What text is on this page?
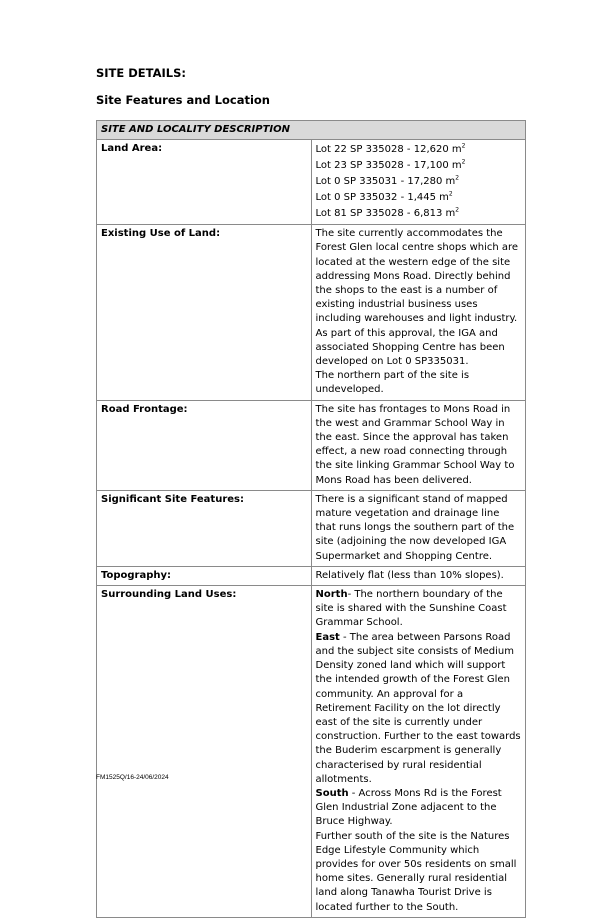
SITE DETAILS:
Site Features and Location
SITE AND LOCALITY DESCRIPTION	
Land Area:	Lot 22 SP 335028 - 12,620 $m^2$
Lot 23 SP 335028 - 17,100 $m^2$
Lot 0 SP 335031 - 17,280 $m^2$
Lot 0 SP 335032 - 1,445 $m^2$
Lot 81 SP 335028 - 6,813 $m^2$

Existing Use of Land:	The site currently accommodates the Forest Glen local centre shops which are located at the western edge of the site addressing Mons Road. Directly behind the shops to the east is a number of existing industrial business uses including warehouses and light industry.
As part of this approval, the IGA and associated Shopping Centre has been developed on Lot 0 SP335031.
The northern part of the site is undeveloped.

Road Frontage:	The site has frontages to Mons Road in the west and Grammar School Way in the east. Since the approval has taken effect, a new road connecting through the site linking Grammar School Way to Mons Road has been delivered.
Significant Site Features:	There is a significant stand of mapped mature vegetation and drainage line that runs longs the southern part of the site (adjoining the now developed IGA Supermarket and Shopping Centre.
Topography:	Relatively flat (less than 10% slopes).
Surrounding Land Uses:	North- The northern boundary of the site is shared with the Sunshine Coast Grammar School.
East - The area between Parsons Road and the subject site consists of Medium Density zoned land which will support the intended growth of the Forest Glen community. An approval for a Retirement Facility on the lot directly east of the site is currently under construction. Further to the east towards the Buderim escarpment is generally characterised by rural residential allotments.
South - Across Mons Rd is the Forest Glen Industrial Zone adjacent to the Bruce Highway.
Further south of the site is the Natures Edge Lifestyle Community which provides for over 50s residents on small home sites. Generally rural residential land along Tanawha Tourist Drive is located further to the South.
FM1525Q/16-24/06/2024
